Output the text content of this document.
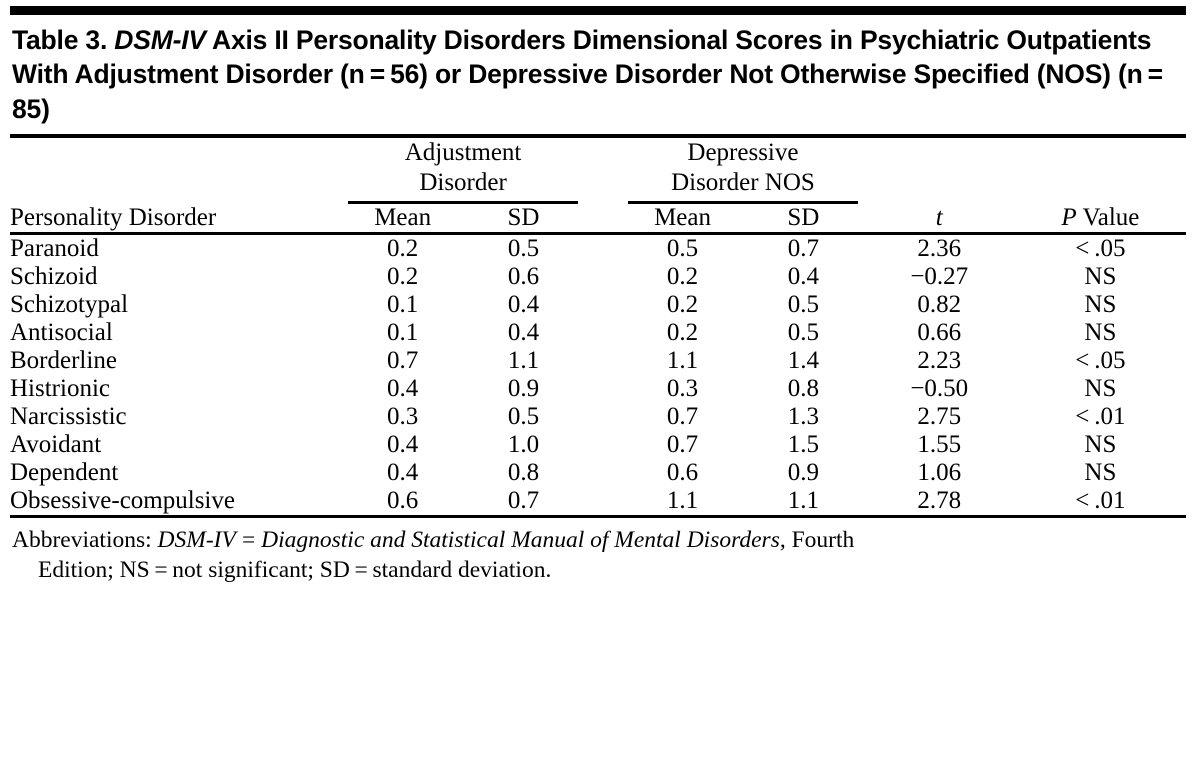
Table 3. DSM-IV Axis II Personality Disorders Dimensional Scores in Psychiatric Outpatients With Adjustment Disorder (n = 56) or Depressive Disorder Not Otherwise Specified (NOS) (n = 85)

	Adjustment
Disorder			Depressive
Disorder NOS			

Personality Disorder	Mean	SD		Mean	SD	t	P Value
Paranoid	0.2	0.5		0.5	0.7	2.36	< .05
Schizoid	0.2	0.6		0.2	0.4	−0.27	NS
Schizotypal	0.1	0.4		0.2	0.5	0.82	NS
Antisocial	0.1	0.4		0.2	0.5	0.66	NS
Borderline	0.7	1.1		1.1	1.4	2.23	< .05
Histrionic	0.4	0.9		0.3	0.8	−0.50	NS
Narcissistic	0.3	0.5		0.7	1.3	2.75	< .01
Avoidant	0.4	1.0		0.7	1.5	1.55	NS
Dependent	0.4	0.8		0.6	0.9	1.06	NS
Obsessive-compulsive	0.6	0.7		1.1	1.1	2.78	< .01
Abbreviations: DSM-IV = Diagnostic and Statistical Manual of Mental Disorders, Fourth
Edition; NS = not significant; SD = standard deviation.
